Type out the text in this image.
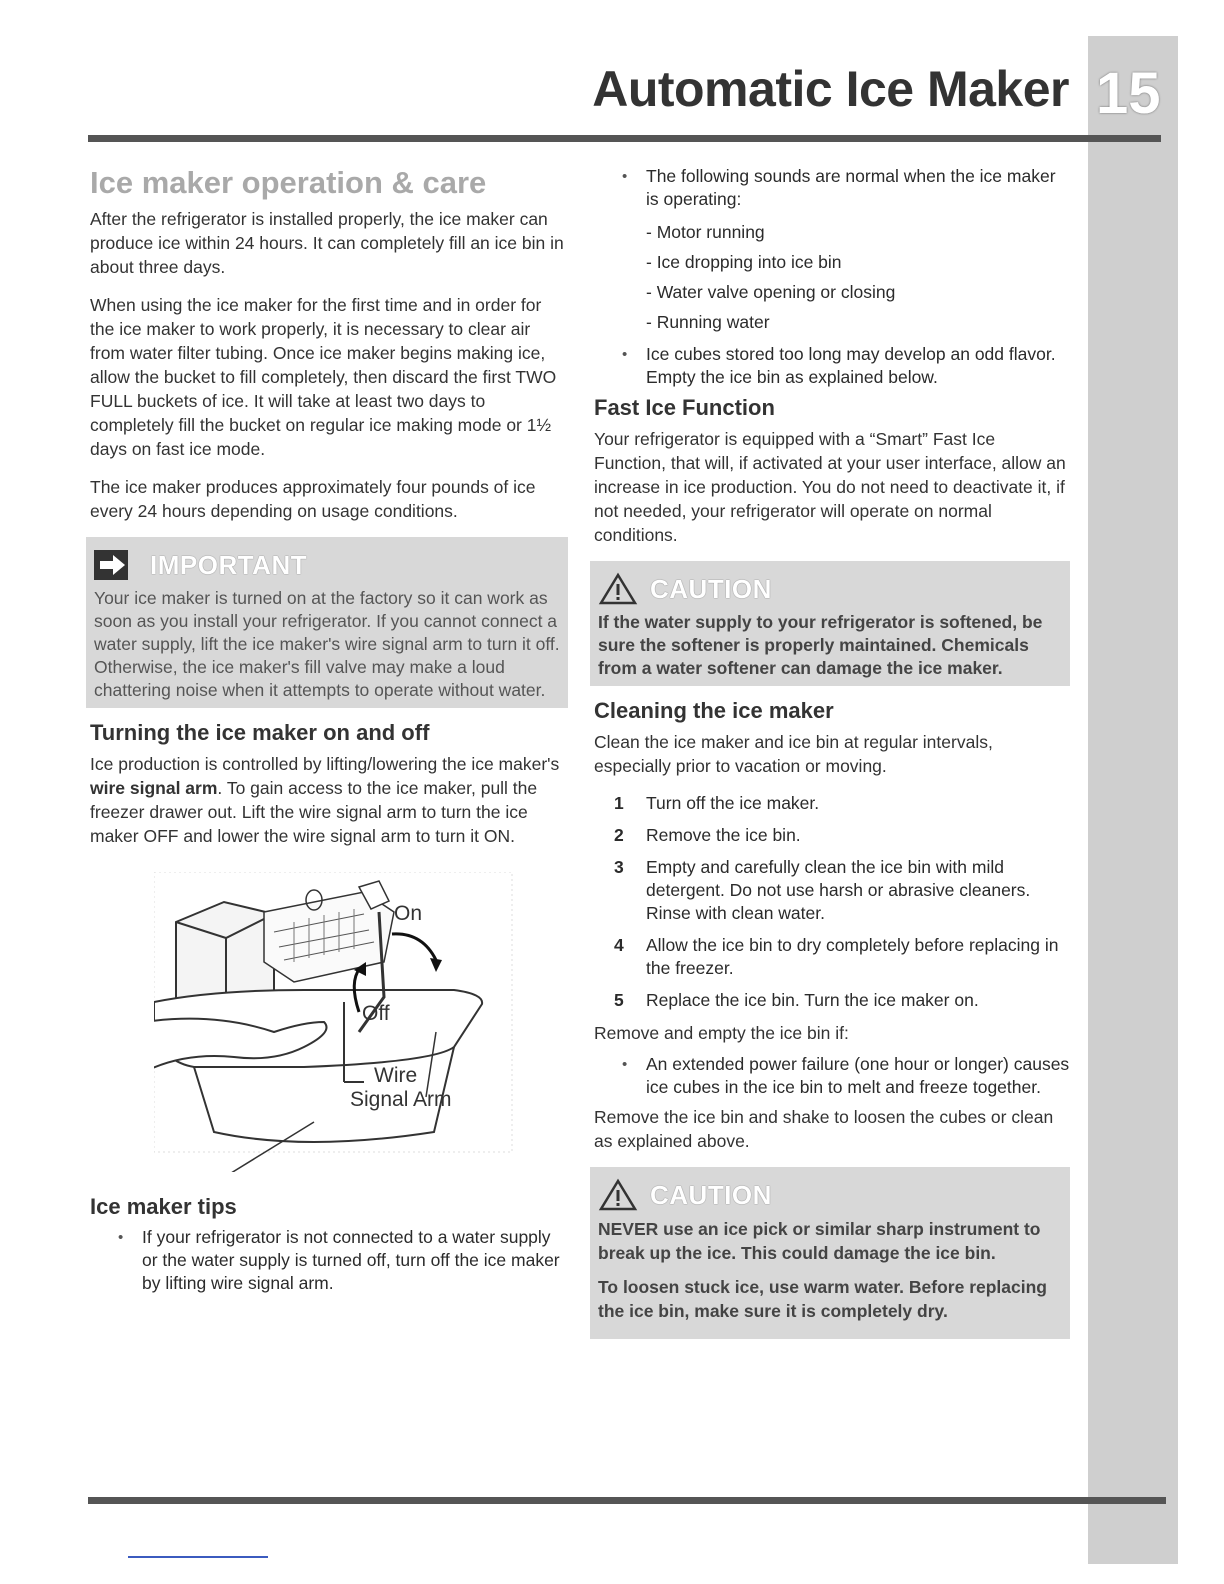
15
Automatic Ice Maker
Ice maker operation & care

After the refrigerator is installed properly, the ice maker can produce ice within 24 hours. It can completely fill an ice bin in about three days.

When using the ice maker for the first time and in order for the ice maker to work properly, it is necessary to clear air from water filter tubing. Once ice maker begins making ice, allow the bucket to fill completely, then discard the first TWO FULL buckets of ice. It will take at least two days to completely fill the bucket on regular ice making mode or 1½ days on fast ice mode.

The ice maker produces approximately four pounds of ice every 24 hours depending on usage conditions.

IMPORTANT
Your ice maker is turned on at the factory so it can work as soon as you install your refrigerator. If you cannot connect a water supply, lift the ice maker's wire signal arm to turn it off. Otherwise, the ice maker's fill valve may make a loud chattering noise when it attempts to operate without water.
Turning the ice maker on and off

Ice production is controlled by lifting/lowering the ice maker's wire signal arm. To gain access to the ice maker, pull the freezer drawer out. Lift the wire signal arm to turn the ice maker OFF and lower the wire signal arm to turn it ON.

On
Off
Wire
Signal Arm
Ice maker tips
• If your refrigerator is not connected to a water supply or the water supply is turned off, turn off the ice maker by lifting wire signal arm.
• The following sounds are normal when the ice maker is operating:
- Motor running
- Ice dropping into ice bin
- Water valve opening or closing
- Running water
• Ice cubes stored too long may develop an odd flavor. Empty the ice bin as explained below.
Fast Ice Function

Your refrigerator is equipped with a “Smart” Fast Ice Function, that will, if activated at your user interface, allow an increase in ice production. You do not need to deactivate it, if not needed, your refrigerator will operate on normal conditions.

CAUTION
If the water supply to your refrigerator is softened, be sure the softener is properly maintained. Chemicals from a water softener can damage the ice maker.
Cleaning the ice maker

Clean the ice maker and ice bin at regular intervals, especially prior to vacation or moving.

1 Turn off the ice maker.
2 Remove the ice bin.
3 Empty and carefully clean the ice bin with mild detergent. Do not use harsh or abrasive cleaners. Rinse with clean water.
4 Allow the ice bin to dry completely before replacing in the freezer.
5 Replace the ice bin. Turn the ice maker on.

Remove and empty the ice bin if:

• An extended power failure (one hour or longer) causes ice cubes in the ice bin to melt and freeze together.

Remove the ice bin and shake to loosen the cubes or clean as explained above.

CAUTION

NEVER use an ice pick or similar sharp instrument to break up the ice. This could damage the ice bin.

To loosen stuck ice, use warm water. Before replacing the ice bin, make sure it is completely dry.
